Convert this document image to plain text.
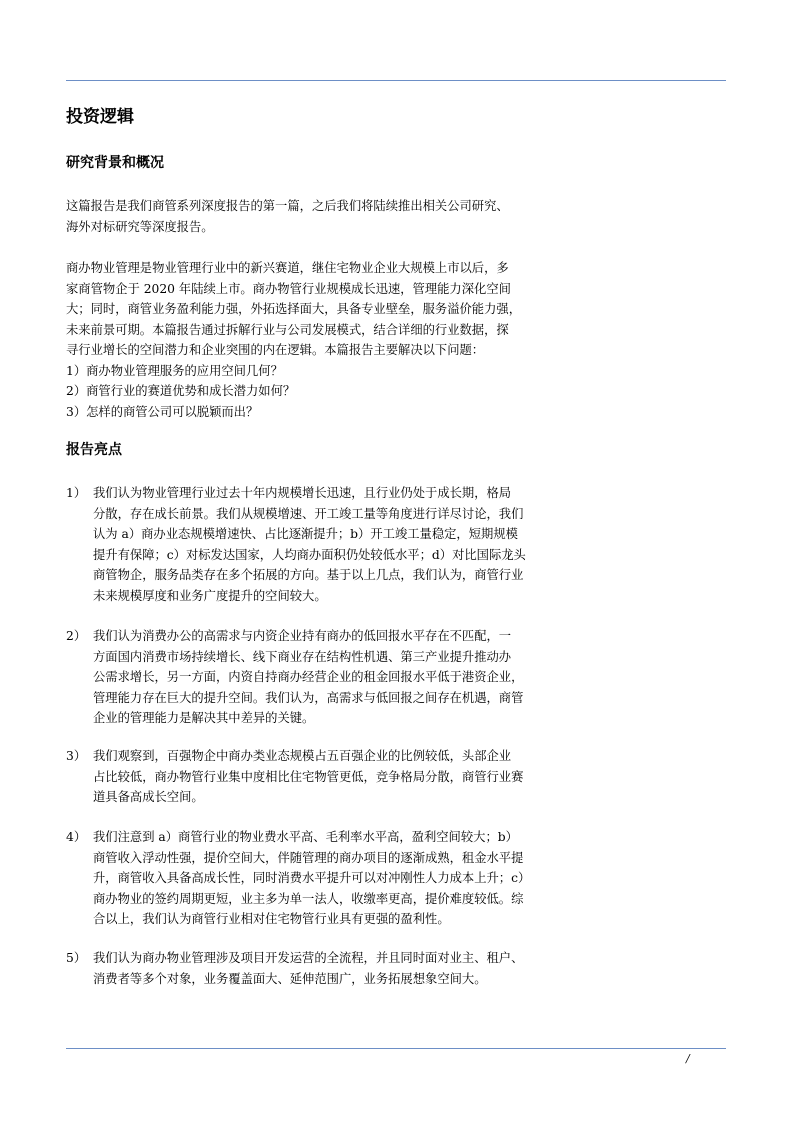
投资逻辑
研究背景和概况
这篇报告是我们商管系列深度报告的第一篇，之后我们将陆续推出相关公司研究、
海外对标研究等深度报告。
商办物业管理是物业管理行业中的新兴赛道，继住宅物业企业大规模上市以后，多
家商管物企于 2020 年陆续上市。商办物管行业规模成长迅速，管理能力深化空间
大；同时，商管业务盈利能力强，外拓选择面大，具备专业壁垒，服务溢价能力强，
未来前景可期。本篇报告通过拆解行业与公司发展模式，结合详细的行业数据，探
寻行业增长的空间潜力和企业突围的内在逻辑。本篇报告主要解决以下问题：
1）商办物业管理服务的应用空间几何？
2）商管行业的赛道优势和成长潜力如何？
3）怎样的商管公司可以脱颖而出？
报告亮点
1） 我们认为物业管理行业过去十年内规模增长迅速，且行业仍处于成长期，格局
分散，存在成长前景。我们从规模增速、开工竣工量等角度进行详尽讨论，我们
认为 a）商办业态规模增速快、占比逐渐提升；b）开工竣工量稳定，短期规模
提升有保障；c）对标发达国家，人均商办面积仍处较低水平；d）对比国际龙头
商管物企，服务品类存在多个拓展的方向。基于以上几点，我们认为，商管行业
未来规模厚度和业务广度提升的空间较大。
2） 我们认为消费办公的高需求与内资企业持有商办的低回报水平存在不匹配，一
方面国内消费市场持续增长、线下商业存在结构性机遇、第三产业提升推动办
公需求增长，另一方面，内资自持商办经营企业的租金回报水平低于港资企业，
管理能力存在巨大的提升空间。我们认为，高需求与低回报之间存在机遇，商管
企业的管理能力是解决其中差异的关键。
3） 我们观察到，百强物企中商办类业态规模占五百强企业的比例较低，头部企业
占比较低，商办物管行业集中度相比住宅物管更低，竞争格局分散，商管行业赛
道具备高成长空间。
4） 我们注意到 a）商管行业的物业费水平高、毛利率水平高，盈利空间较大；b）
商管收入浮动性强，提价空间大，伴随管理的商办项目的逐渐成熟，租金水平提
升，商管收入具备高成长性，同时消费水平提升可以对冲刚性人力成本上升；c）
商办物业的签约周期更短，业主多为单一法人，收缴率更高，提价难度较低。综
合以上，我们认为商管行业相对住宅物管行业具有更强的盈利性。
5） 我们认为商办物业管理涉及项目开发运营的全流程，并且同时面对业主、租户、
消费者等多个对象，业务覆盖面大、延伸范围广，业务拓展想象空间大。
/
